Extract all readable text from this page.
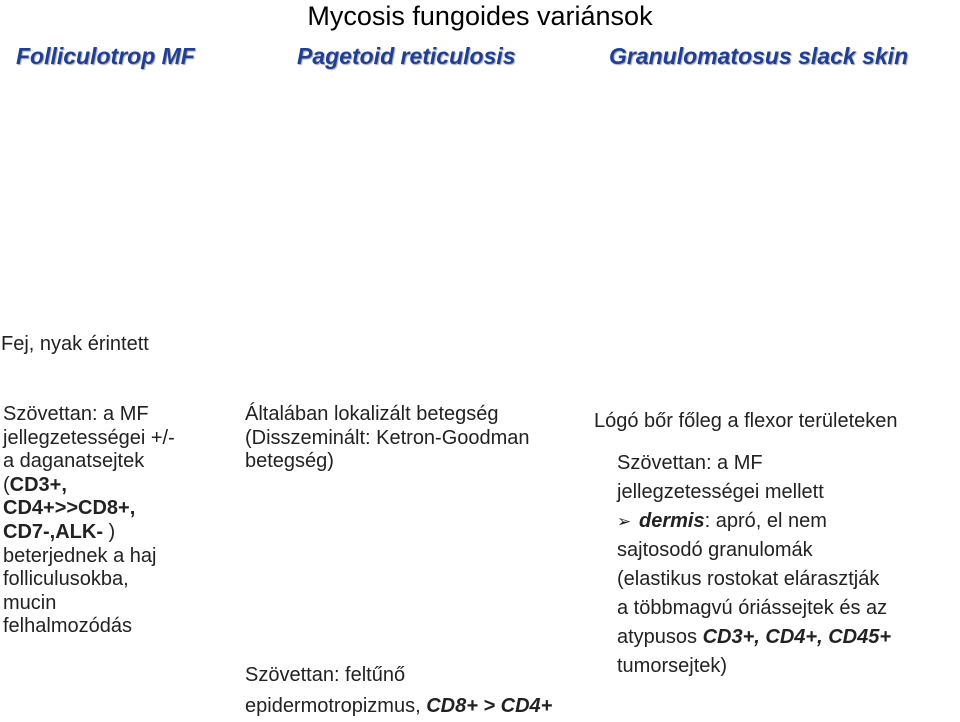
Mycosis fungoides variánsok
Folliculotrop MF	Pagetoid reticulosis	Granulomatosus slack skin
Fej, nyak érintett
Szövettan: a MF
jellegzetességei +/-
a daganatsejtek
(CD3+,
CD4+>>CD8+,
CD7-,ALK- )
beterjednek a haj
folliculusokba,
mucin
felhalmozódás
Általában lokalizált betegség
(Disszeminált: Ketron-Goodman
betegség)
Szövettan: feltűnő
epidermotropizmus, CD8+ > CD4+
Lógó bőr főleg a flexor területeken
Szövettan: a MF
jellegzetességei mellett
➢ dermis: apró, el nem
sajtosodó granulomák
(elastikus rostokat elárasztják
a többmagvú óriássejtek és az
atypusos CD3+, CD4+, CD45+
tumorsejtek)
